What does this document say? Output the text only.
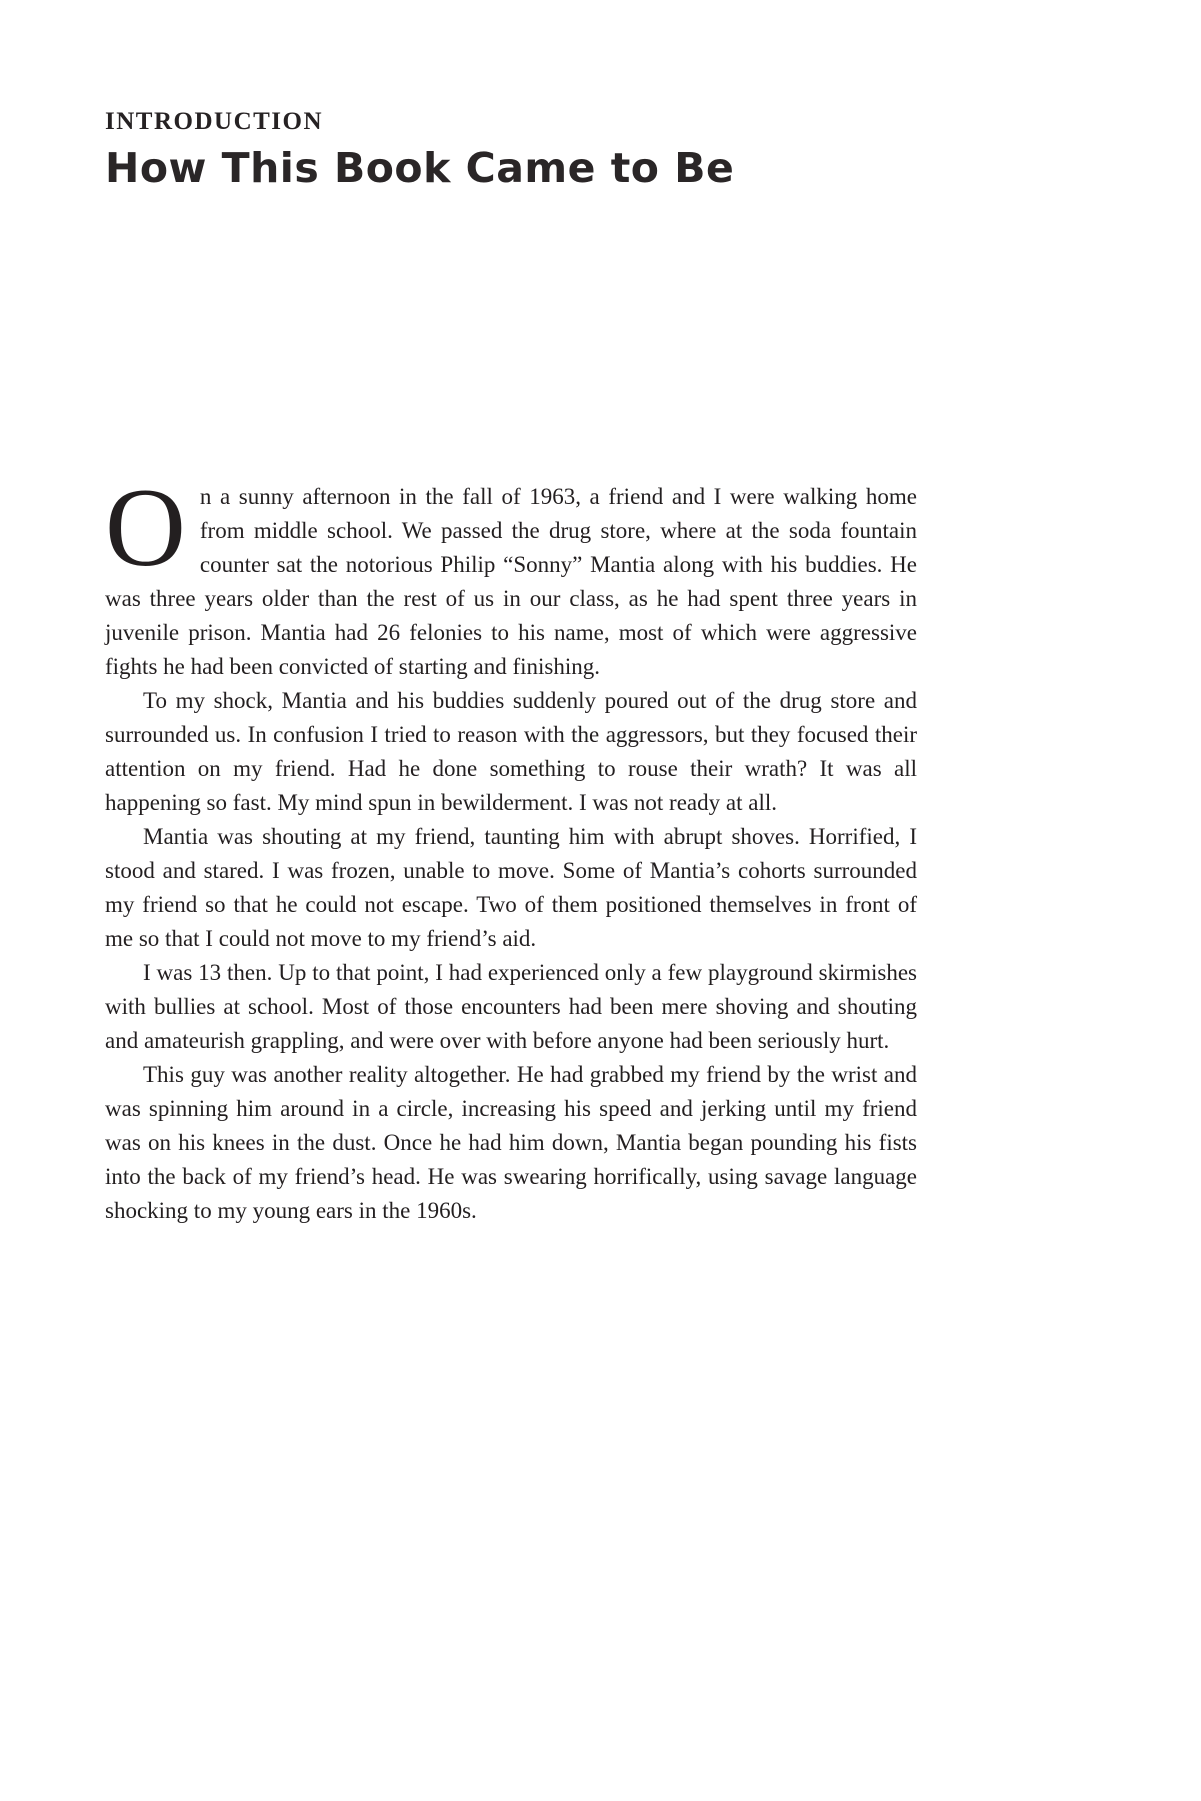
INTRODUCTION
How This Book Came to Be

On a sunny afternoon in the fall of 1963, a friend and I were walking home from middle school. We passed the drug store, where at the soda fountain counter sat the notorious Philip “Sonny” Mantia along with his buddies. He was three years older than the rest of us in our class, as he had spent three years in juvenile prison. Mantia had 26 felonies to his name, most of which were aggressive fights he had been convicted of starting and finishing.

To my shock, Mantia and his buddies suddenly poured out of the drug store and surrounded us. In confusion I tried to reason with the aggressors, but they focused their attention on my friend. Had he done something to rouse their wrath? It was all happening so fast. My mind spun in bewilderment. I was not ready at all.

Mantia was shouting at my friend, taunting him with abrupt shoves. Horrified, I stood and stared. I was frozen, unable to move. Some of Mantia’s cohorts surrounded my friend so that he could not escape. Two of them positioned themselves in front of me so that I could not move to my friend’s aid.

I was 13 then. Up to that point, I had experienced only a few playground skirmishes with bullies at school. Most of those encounters had been mere shoving and shouting and amateurish grappling, and were over with before anyone had been seriously hurt.

This guy was another reality altogether. He had grabbed my friend by the wrist and was spinning him around in a circle, increasing his speed and jerking until my friend was on his knees in the dust. Once he had him down, Mantia began pounding his fists into the back of my friend’s head. He was swearing horrifically, using savage language shocking to my young ears in the 1960s.
